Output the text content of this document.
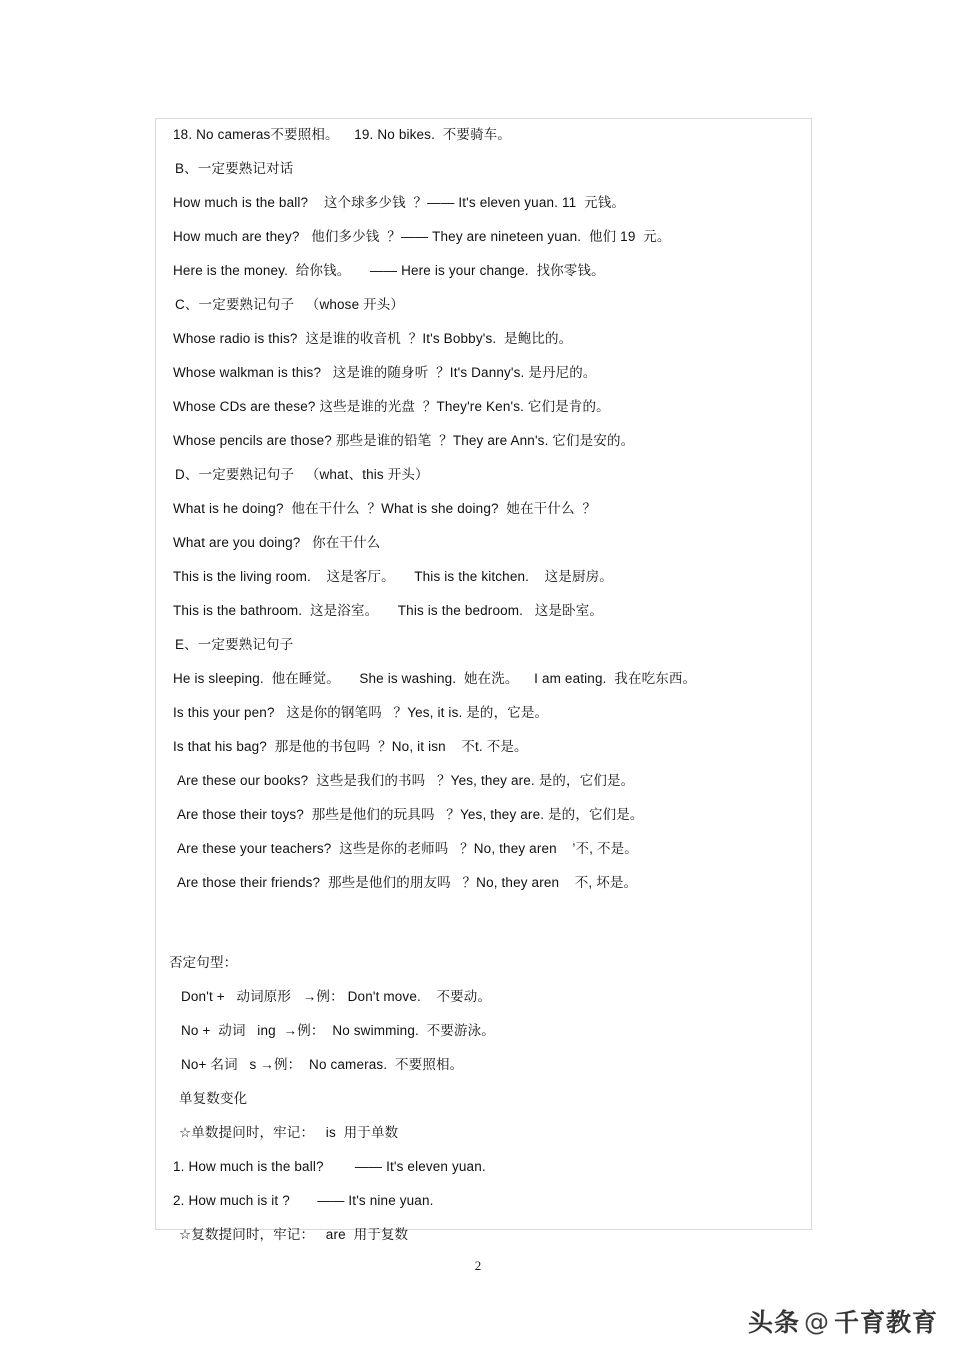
18. No cameras不要照相。    19. No bikes.  不要骑车。
B、一定要熟记对话
How much is the ball?    这个球多少钱  ？—— It's eleven yuan. 11  元钱。
How much are they?   他们多少钱  ？—— They are nineteen yuan.  他们 19  元。
Here is the money.  给你钱。     —— Here is your change.  找你零钱。
C、一定要熟记句子   （whose 开头）
Whose radio is this?  这是谁的收音机  ？It's Bobby's.  是鲍比的。
Whose walkman is this?   这是谁的随身听  ？It's Danny's. 是丹尼的。
Whose CDs are these? 这些是谁的光盘  ？They're Ken's. 它们是肯的。
Whose pencils are those? 那些是谁的铅笔  ？They are Ann's. 它们是安的。
D、一定要熟记句子   （what、this 开头）
What is he doing?  他在干什么  ？What is she doing?  她在干什么  ？
What are you doing?   你在干什么
This is the living room.    这是客厅。     This is the kitchen.    这是厨房。
This is the bathroom.  这是浴室。     This is the bedroom.   这是卧室。
E、一定要熟记句子
He is sleeping.  他在睡觉。     She is washing.  她在洗。    I am eating.  我在吃东西。
Is this your pen?   这是你的钢笔吗   ？Yes, it is. 是的，它是。
Is that his bag?  那是他的书包吗  ？No, it isn    不t. 不是。
Are these our books?  这些是我们的书吗   ？Yes, they are. 是的，它们是。
Are those their toys?  那些是他们的玩具吗   ？Yes, they are. 是的，它们是。
Are these your teachers?  这些是你的老师吗   ？No, they aren    ’不, 不是。
Are those their friends?  那些是他们的朋友吗   ？No, they aren    不, 坏是。
否定句型：
Don't +   动词原形   →例： Don't move.    不要动。
No +  动词   ing  →例：  No swimming.  不要游泳。
No+ 名词   s →例：  No cameras.  不要照相。
单复数变化
☆单数提问时，牢记：   is  用于单数
1. How much is the ball?        —— It's eleven yuan.
2. How much is it ?       —— It's nine yuan.
☆复数提问时，牢记：   are  用于复数
2
头条 @ 千育教育
